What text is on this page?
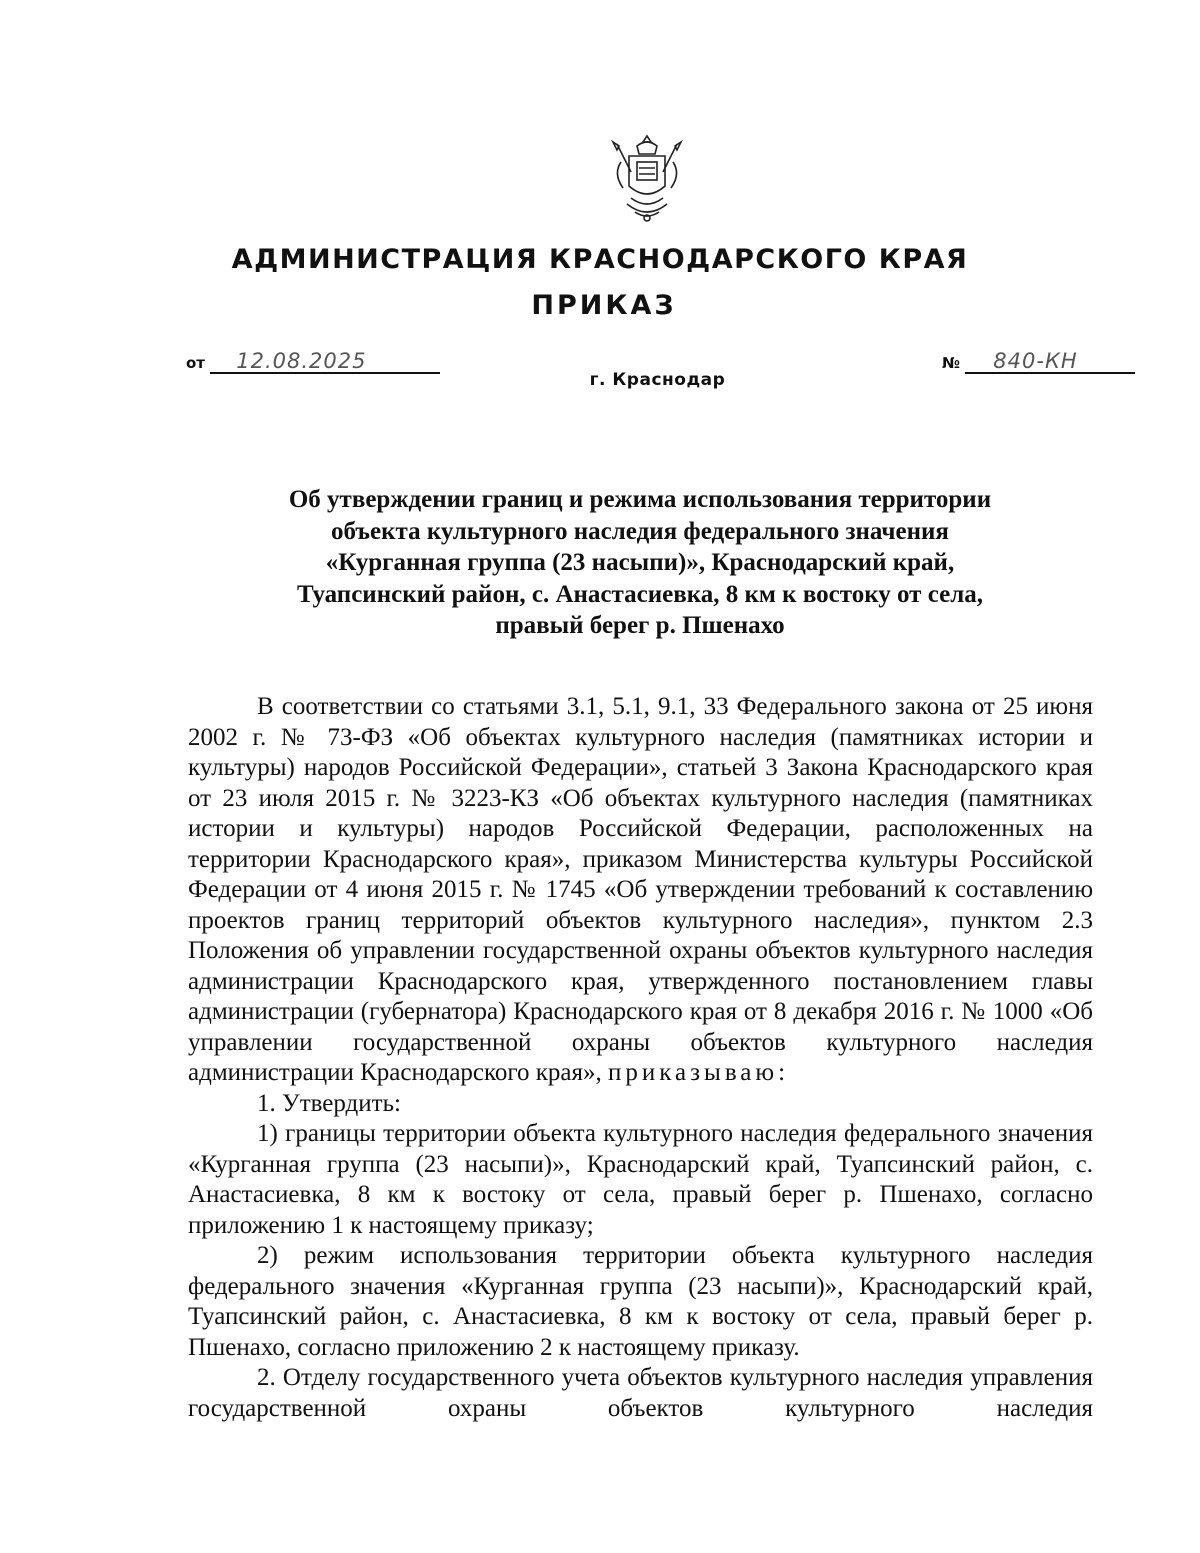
АДМИНИСТРАЦИЯ КРАСНОДАРСКОГО КРАЯ
ПРИКАЗ
от 12.08.2025	№ 840-КН
г. Краснодар
Об утверждении границ и режима использования территории
объекта культурного наследия федерального значения
«Курганная группа (23 насыпи)», Краснодарский край,
Туапсинский район, с. Анастасиевка, 8 км к востоку от села,
правый берег р. Пшенахо

В соответствии со статьями 3.1, 5.1, 9.1, 33 Федерального закона от 25 июня 2002 г. № 73-ФЗ «Об объектах культурного наследия (памятниках истории и культуры) народов Российской Федерации», статьей 3 Закона Краснодарского края от 23 июля 2015 г. № 3223-КЗ «Об объектах культурного наследия (памятниках истории и культуры) народов Российской Федерации, расположенных на территории Краснодарского края», приказом Министерства культуры Российской Федерации от 4 июня 2015 г. № 1745 «Об утверждении требований к составлению проектов границ территорий объектов культурного наследия», пунктом 2.3 Положения об управлении государственной охраны объектов культурного наследия администрации Краснодарского края, утвержденного постановлением главы администрации (губернатора) Краснодарского края от 8 декабря 2016 г. № 1000 «Об управлении государственной охраны объектов культурного наследия администрации Краснодарского края», приказываю:

1. Утвердить:

1) границы территории объекта культурного наследия федерального значения «Курганная группа (23 насыпи)», Краснодарский край, Туапсинский район, с. Анастасиевка, 8 км к востоку от села, правый берег р. Пшенахо, согласно приложению 1 к настоящему приказу;

2) режим использования территории объекта культурного наследия федерального значения «Курганная группа (23 насыпи)», Краснодарский край, Туапсинский район, с. Анастасиевка, 8 км к востоку от села, правый берег р. Пшенахо, согласно приложению 2 к настоящему приказу.

2. Отделу государственного учета объектов культурного наследия управления государственной охраны объектов культурного наследия
